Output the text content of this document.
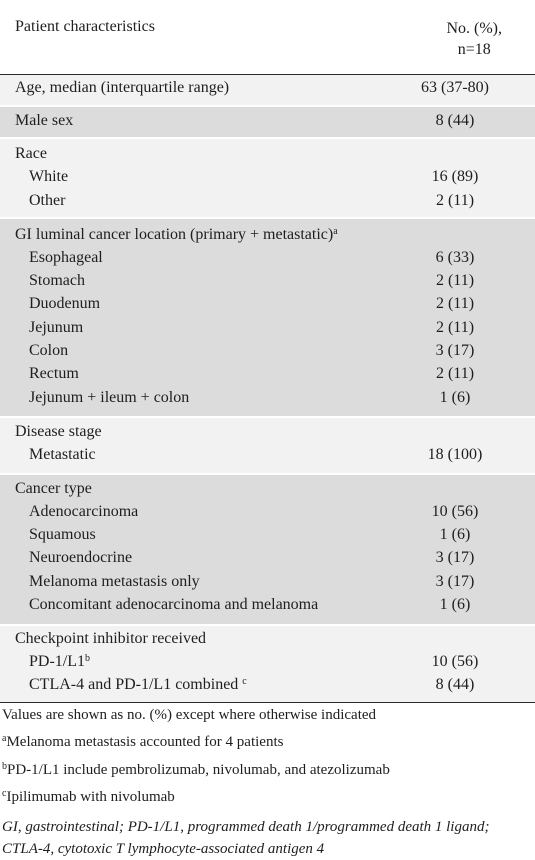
Patient characteristics	No. (%),
n=18
Age, median (interquartile range)	63 (37-80)
Male sex	8 (44)
Race
White	16 (89)
Other	2 (11)
GI luminal cancer location (primary + metastatic)$^a$
Esophageal	6 (33)
Stomach	2 (11)
Duodenum	2 (11)
Jejunum	2 (11)
Colon	3 (17)
Rectum	2 (11)
Jejunum + ileum + colon	1 (6)
Disease stage
Metastatic	18 (100)
Cancer type
Adenocarcinoma	10 (56)
Squamous	1 (6)
Neuroendocrine	3 (17)
Melanoma metastasis only	3 (17)
Concomitant adenocarcinoma and melanoma	1 (6)
Checkpoint inhibitor received
PD-1/L1$^b$	10 (56)
CTLA-4 and PD-1/L1 combined $^c$	8 (44)
Values are shown as no. (%) except where otherwise indicated
$^a$Melanoma metastasis accounted for 4 patients
$^b$PD-1/L1 include pembrolizumab, nivolumab, and atezolizumab
$^c$Ipilimumab with nivolumab
GI, gastrointestinal; PD-1/L1, programmed death 1/programmed death 1 ligand; CTLA-4, cytotoxic T lymphocyte-associated antigen 4
